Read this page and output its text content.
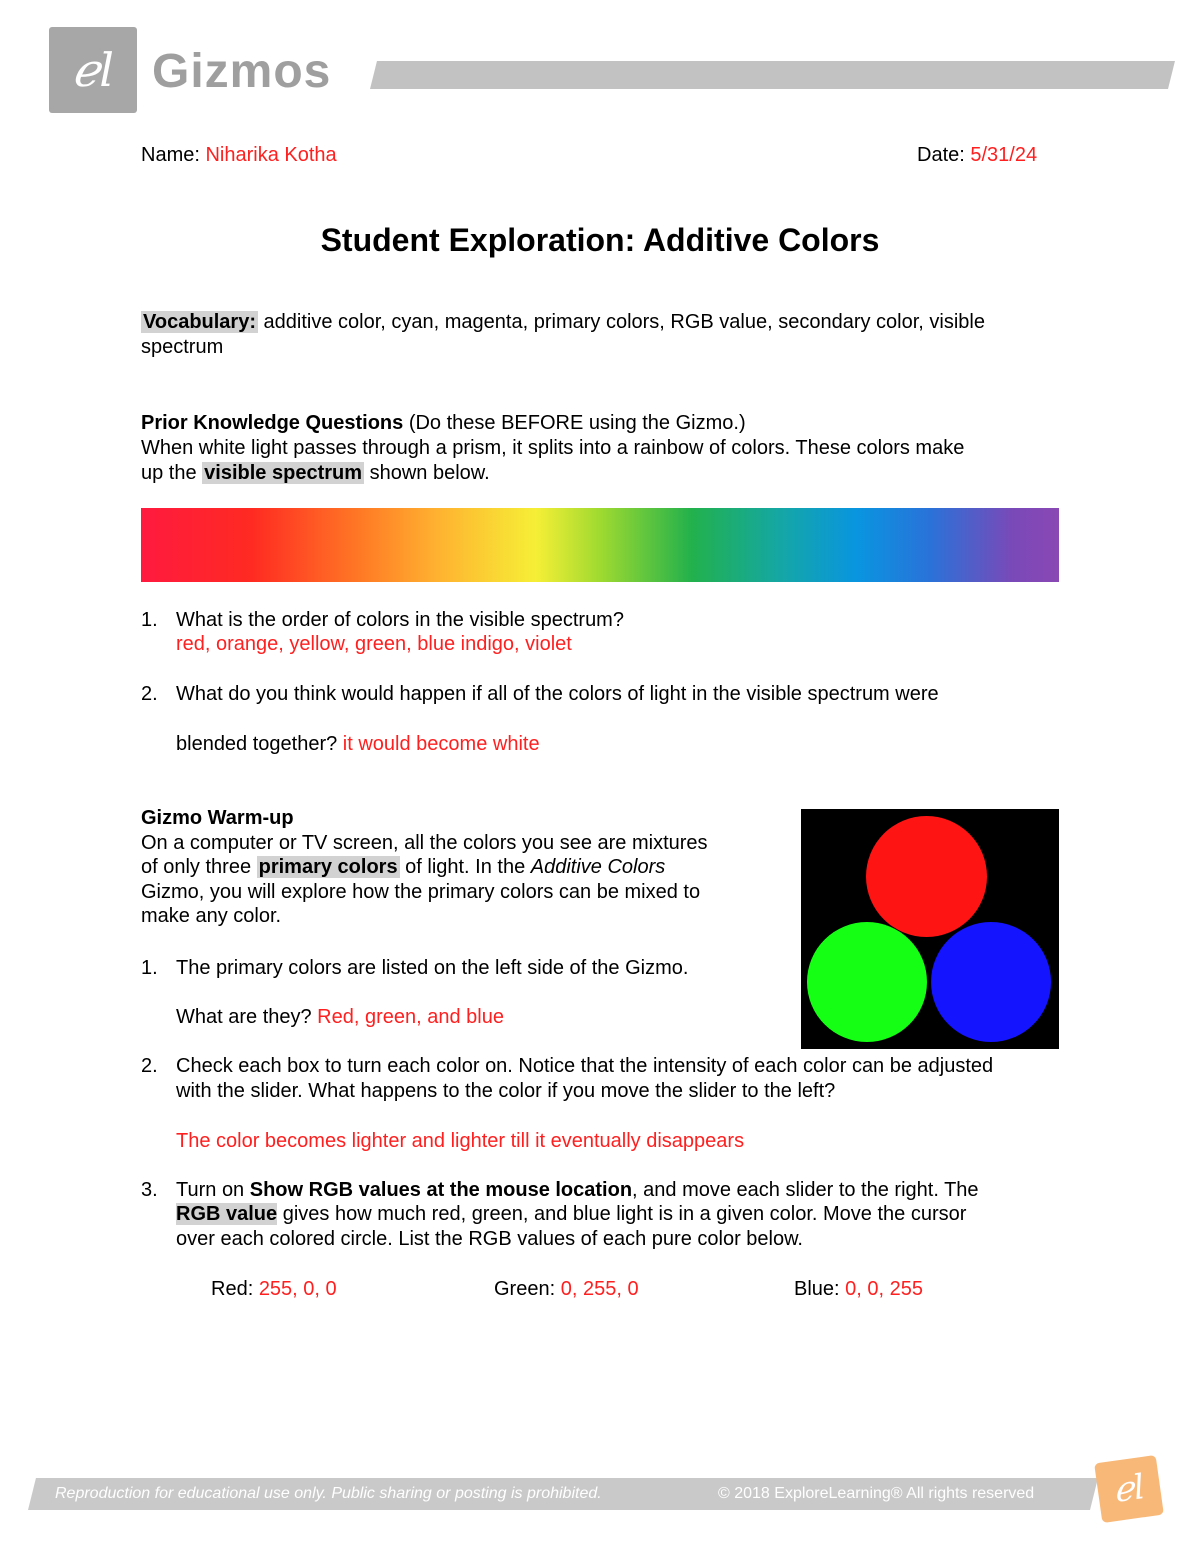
ℯl Gizmos
Name: Niharika Kotha	Date: 5/31/24
Student Exploration: Additive Colors
Vocabulary: additive color, cyan, magenta, primary colors, RGB value, secondary color, visible
spectrum
Prior Knowledge Questions (Do these BEFORE using the Gizmo.)
When white light passes through a prism, it splits into a rainbow of colors. These colors make
up the visible spectrum shown below.
1. What is the order of colors in the visible spectrum?
red, orange, yellow, green, blue indigo, violet
2. What do you think would happen if all of the colors of light in the visible spectrum were
blended together? it would become white
Gizmo Warm-up
On a computer or TV screen, all the colors you see are mixtures
of only three primary colors of light. In the Additive Colors
Gizmo, you will explore how the primary colors can be mixed to
make any color.
1. The primary colors are listed on the left side of the Gizmo.
What are they? Red, green, and blue
2. Check each box to turn each color on. Notice that the intensity of each color can be adjusted
with the slider. What happens to the color if you move the slider to the left?
The color becomes lighter and lighter till it eventually disappears
3. Turn on Show RGB values at the mouse location, and move each slider to the right. The
RGB value gives how much red, green, and blue light is in a given color. Move the cursor
over each colored circle. List the RGB values of each pure color below.
Red: 255, 0, 0	Green: 0, 255, 0	Blue: 0, 0, 255
Reproduction for educational use only. Public sharing or posting is prohibited.	© 2018 ExploreLearning® All rights reserved	ℯl
